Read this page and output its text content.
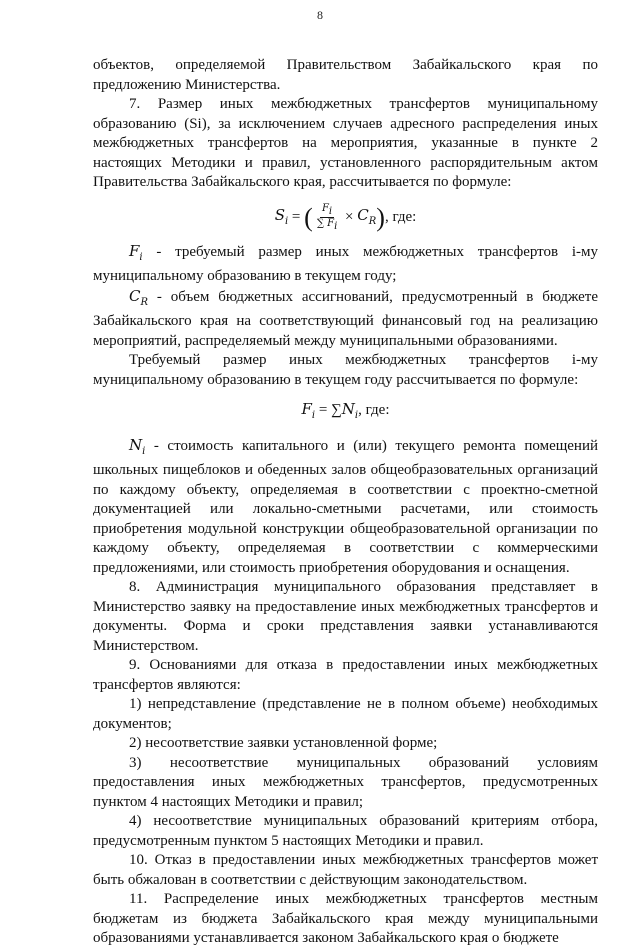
8

объектов, определяемой Правительством Забайкальского края по предложению Министерства.

7. Размер иных межбюджетных трансфертов муниципальному образованию (Si), за исключением случаев адресного распределения иных межбюджетных трансфертов на мероприятия, указанные в пункте 2 настоящих Методики и правил, установленного распорядительным актом Правительства Забайкальского края, рассчитывается по формуле:

$S_i$ = ( $\frac{F_i}{\sum F_i} \times C_R$), где:

$F_i$ - требуемый размер иных межбюджетных трансфертов i-му муниципальному образованию в текущем году;

$C_R$ - объем бюджетных ассигнований, предусмотренный в бюджете Забайкальского края на соответствующий финансовый год на реализацию мероприятий, распределяемый между муниципальными образованиями.

Требуемый размер иных межбюджетных трансфертов i-му муниципальному образованию в текущем году рассчитывается по формуле:

$F_i = \sum N_i$, где:

$N_i$ - стоимость капитального и (или) текущего ремонта помещений школьных пищеблоков и обеденных залов общеобразовательных организаций по каждому объекту, определяемая в соответствии с проектно-сметной документацией или локально-сметными расчетами, или стоимость приобретения модульной конструкции общеобразовательной организации по каждому объекту, определяемая в соответствии с коммерческими предложениями, или стоимость приобретения оборудования и оснащения.

8. Администрация муниципального образования представляет в Министерство заявку на предоставление иных межбюджетных трансфертов и документы. Форма и сроки представления заявки устанавливаются Министерством.

9. Основаниями для отказа в предоставлении иных межбюджетных трансфертов являются:

1) непредставление (представление не в полном объеме) необходимых документов;

2) несоответствие заявки установленной форме;

3) несоответствие муниципальных образований условиям предоставления иных межбюджетных трансфертов, предусмотренных пунктом 4 настоящих Методики и правил;

4) несоответствие муниципальных образований критериям отбора, предусмотренным пунктом 5 настоящих Методики и правил.

10. Отказ в предоставлении иных межбюджетных трансфертов может быть обжалован в соответствии с действующим законодательством.

11. Распределение иных межбюджетных трансфертов местным бюджетам из бюджета Забайкальского края между муниципальными образованиями устанавливается законом Забайкальского края о бюджете
